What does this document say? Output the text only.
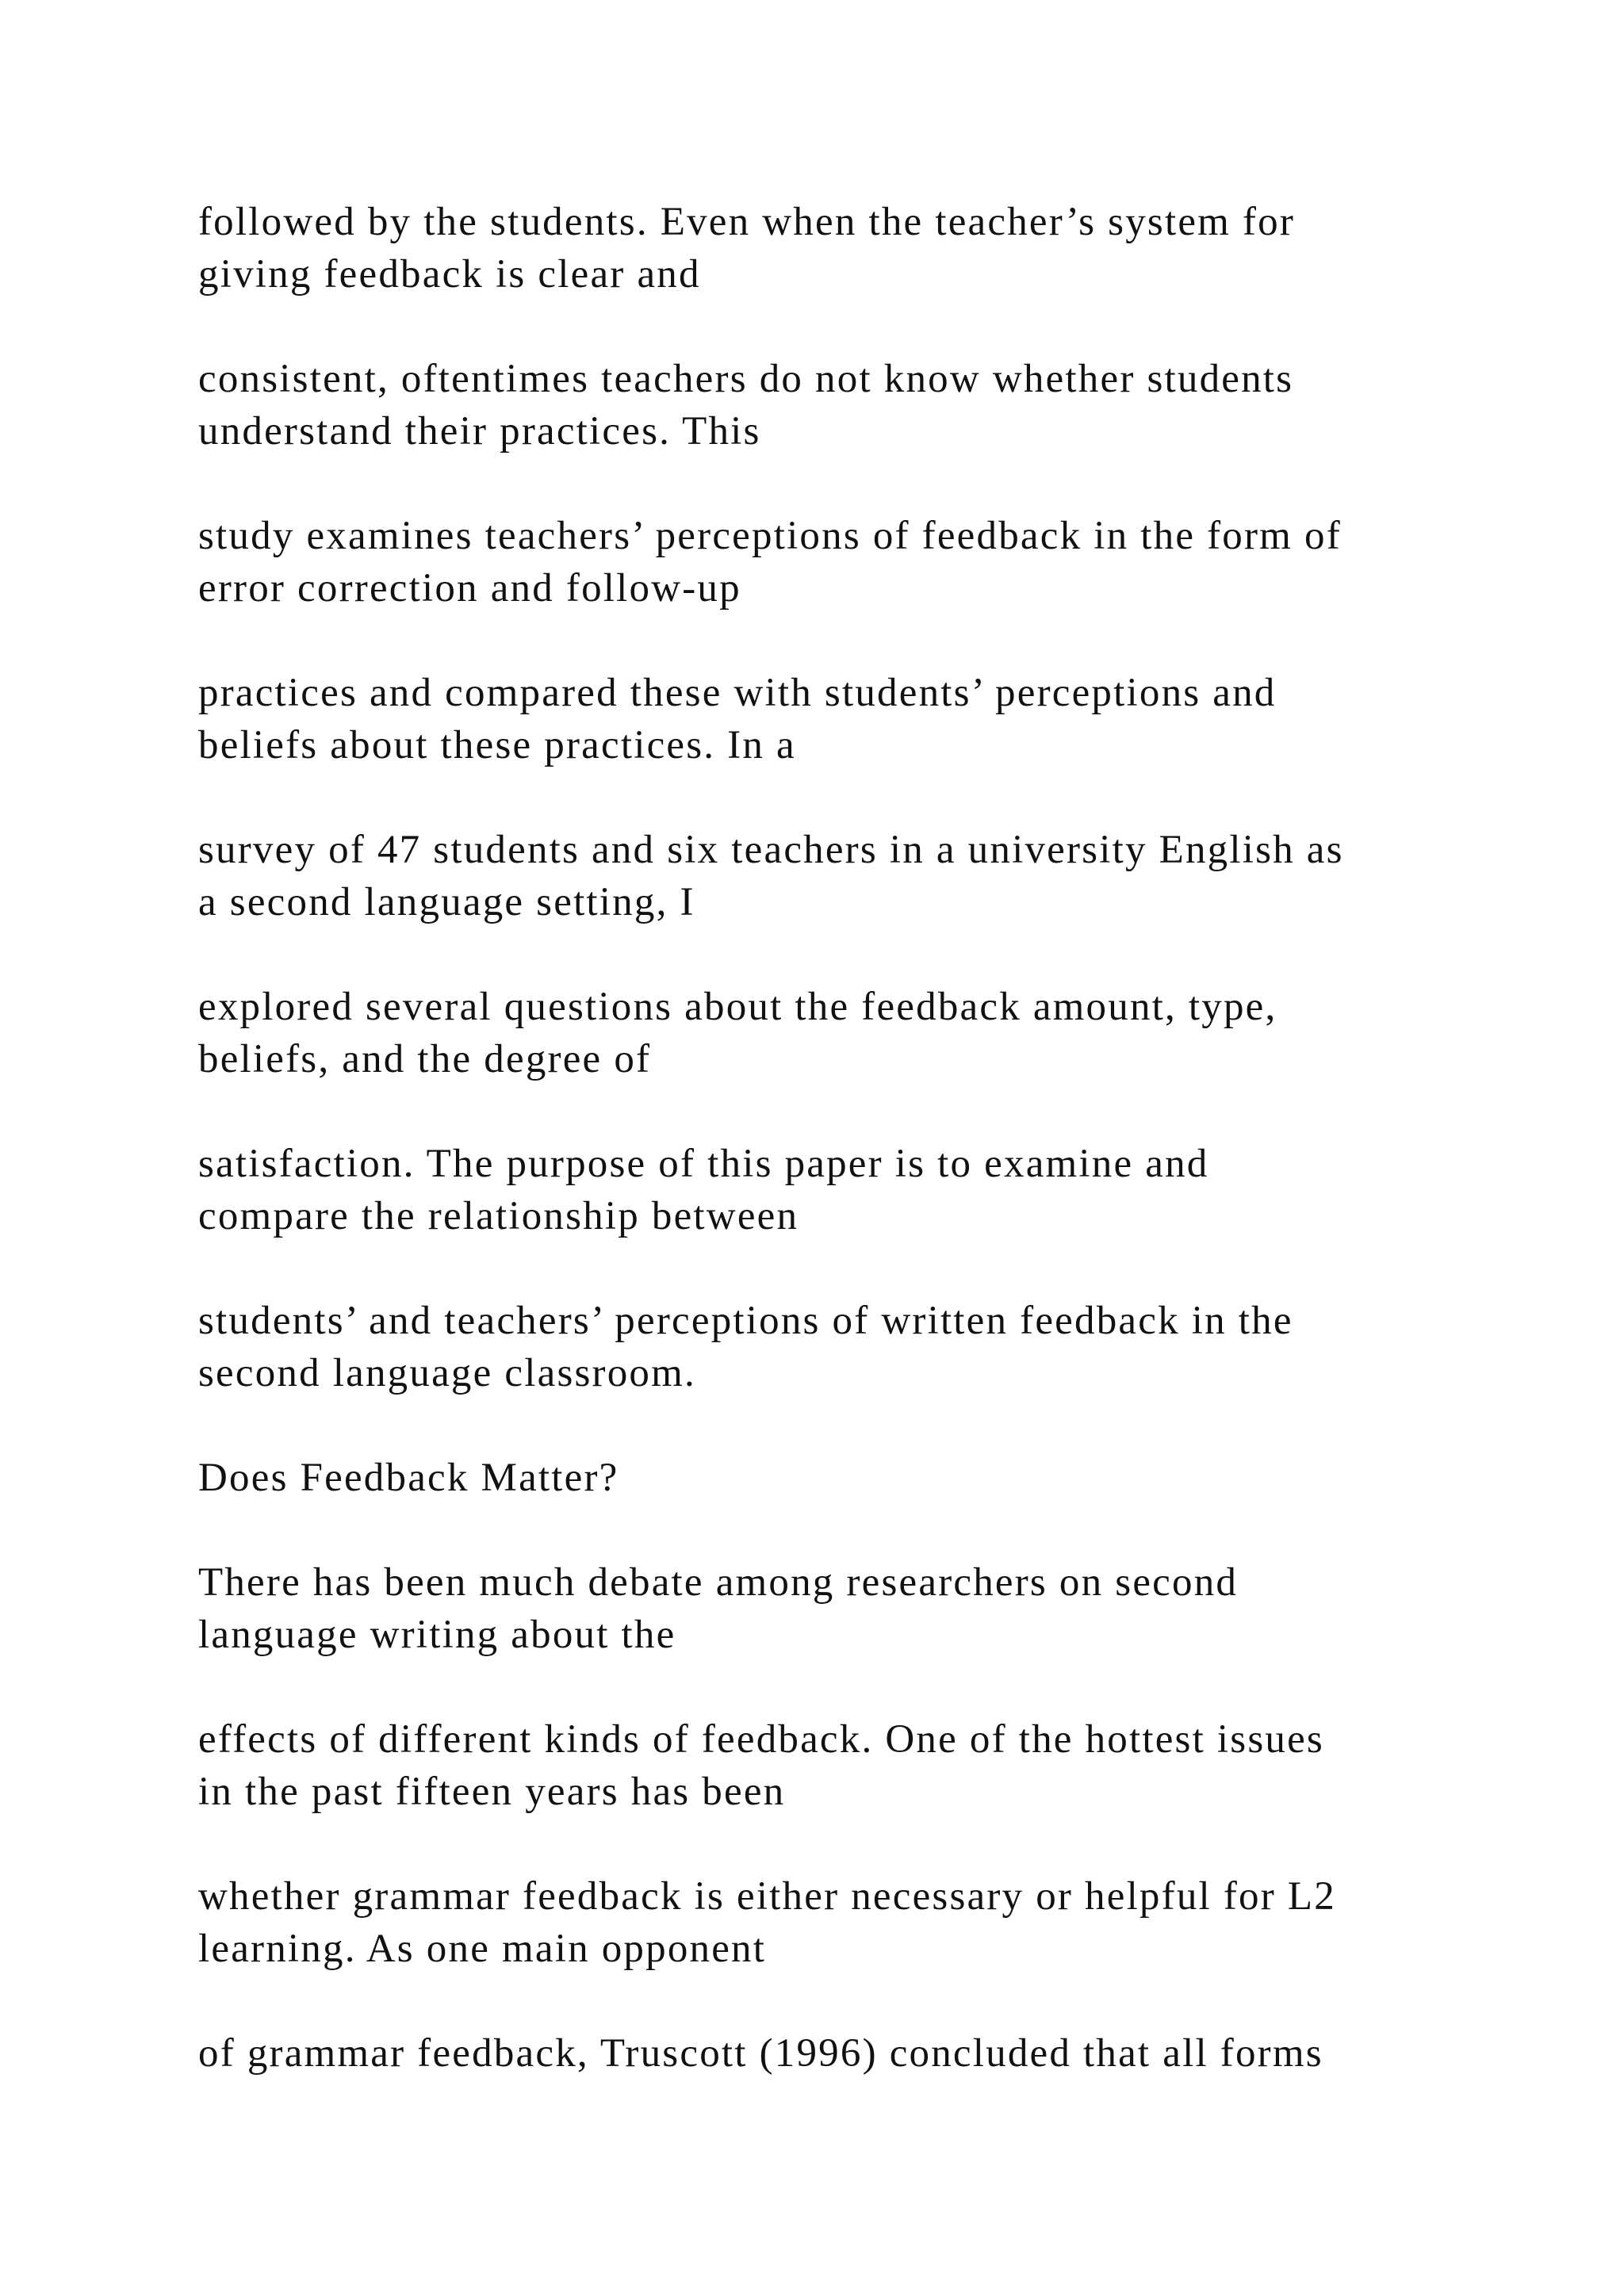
followed by the students. Even when the teacher’s system for
giving feedback is clear and

consistent, oftentimes teachers do not know whether students
understand their practices. This

study examines teachers’ perceptions of feedback in the form of
error correction and follow-up

practices and compared these with students’ perceptions and
beliefs about these practices. In a

survey of 47 students and six teachers in a university English as
a second language setting, I

explored several questions about the feedback amount, type,
beliefs, and the degree of

satisfaction. The purpose of this paper is to examine and
compare the relationship between

students’ and teachers’ perceptions of written feedback in the
second language classroom.

Does Feedback Matter?

There has been much debate among researchers on second
language writing about the

effects of different kinds of feedback. One of the hottest issues
in the past fifteen years has been

whether grammar feedback is either necessary or helpful for L2
learning. As one main opponent

of grammar feedback, Truscott (1996) concluded that all forms
